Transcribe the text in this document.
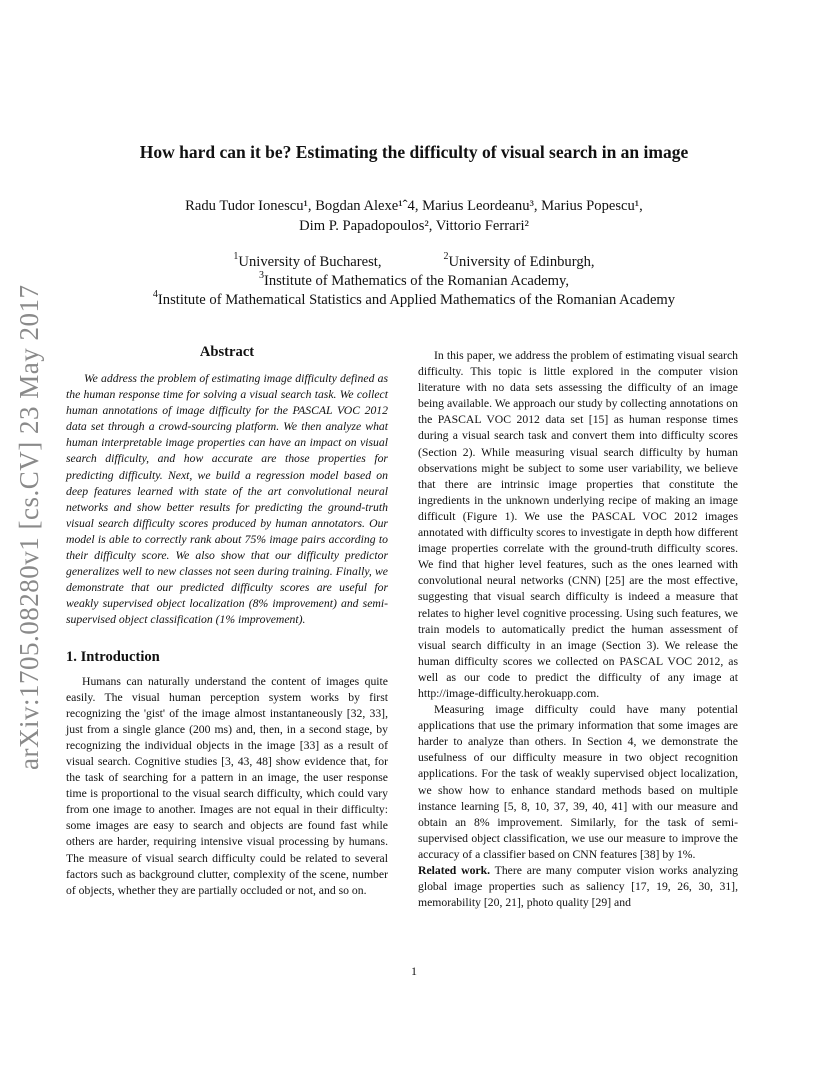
arXiv:1705.08280v1 [cs.CV] 23 May 2017
How hard can it be? Estimating the difficulty of visual search in an image
Radu Tudor Ionescu¹, Bogdan Alexe¹ˆ4, Marius Leordeanu³, Marius Popescu¹,
Dim P. Papadopoulos², Vittorio Ferrari²
$^1$University of Bucharest,	$^2$University of Edinburgh,
$^3$Institute of Mathematics of the Romanian Academy,
$^4$Institute of Mathematical Statistics and Applied Mathematics of the Romanian Academy
Abstract

We address the problem of estimating image difficulty defined as the human response time for solving a visual search task. We collect human annotations of image difficulty for the PASCAL VOC 2012 data set through a crowd-sourcing platform. We then analyze what human interpretable image properties can have an impact on visual search difficulty, and how accurate are those properties for predicting difficulty. Next, we build a regression model based on deep features learned with state of the art convolutional neural networks and show better results for predicting the ground-truth visual search difficulty scores produced by human annotators. Our model is able to correctly rank about 75% image pairs according to their difficulty score. We also show that our difficulty predictor generalizes well to new classes not seen during training. Finally, we demonstrate that our predicted difficulty scores are useful for weakly supervised object localization (8% improvement) and semi-supervised object classification (1% improvement).

1. Introduction

Humans can naturally understand the content of images quite easily. The visual human perception system works by first recognizing the 'gist' of the image almost instantaneously [32, 33], just from a single glance (200 ms) and, then, in a second stage, by recognizing the individual objects in the image [33] as a result of visual search. Cognitive studies [3, 43, 48] show evidence that, for the task of searching for a pattern in an image, the user response time is proportional to the visual search difficulty, which could vary from one image to another. Images are not equal in their difficulty: some images are easy to search and objects are found fast while others are harder, requiring intensive visual processing by humans. The measure of visual search difficulty could be related to several factors such as background clutter, complexity of the scene, number of objects, whether they are partially occluded or not, and so on.

In this paper, we address the problem of estimating visual search difficulty. This topic is little explored in the computer vision literature with no data sets assessing the difficulty of an image being available. We approach our study by collecting annotations on the PASCAL VOC 2012 data set [15] as human response times during a visual search task and convert them into difficulty scores (Section 2). While measuring visual search difficulty by human observations might be subject to some user variability, we believe that there are intrinsic image properties that constitute the ingredients in the unknown underlying recipe of making an image difficult (Figure 1). We use the PASCAL VOC 2012 images annotated with difficulty scores to investigate in depth how different image properties correlate with the ground-truth difficulty scores. We find that higher level features, such as the ones learned with convolutional neural networks (CNN) [25] are the most effective, suggesting that visual search difficulty is indeed a measure that relates to higher level cognitive processing. Using such features, we train models to automatically predict the human assessment of visual search difficulty in an image (Section 3). We release the human difficulty scores we collected on PASCAL VOC 2012, as well as our code to predict the difficulty of any image at http://image-difficulty.herokuapp.com.

Measuring image difficulty could have many potential applications that use the primary information that some images are harder to analyze than others. In Section 4, we demonstrate the usefulness of our difficulty measure in two object recognition applications. For the task of weakly supervised object localization, we show how to enhance standard methods based on multiple instance learning [5, 8, 10, 37, 39, 40, 41] with our measure and obtain an 8% improvement. Similarly, for the task of semi-supervised object classification, we use our measure to improve the accuracy of a classifier based on CNN features [38] by 1%.

Related work. There are many computer vision works analyzing global image properties such as saliency [17, 19, 26, 30, 31], memorability [20, 21], photo quality [29] and

1
